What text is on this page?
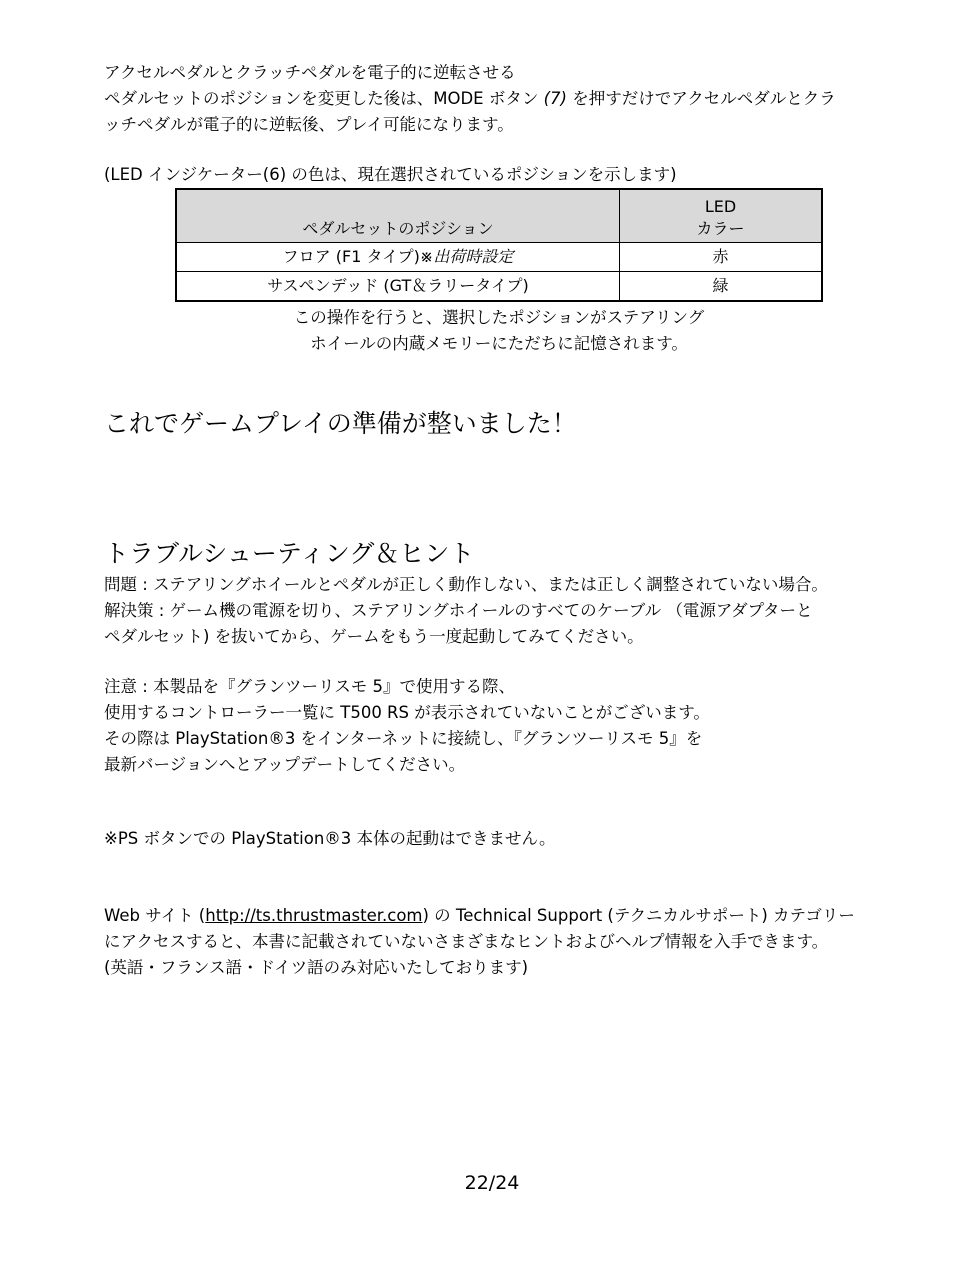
アクセルペダルとクラッチペダルを電子的に逆転させる
ペダルセットのポジションを変更した後は、MODE ボタン (7) を押すだけでアクセルペダルとクラ
ッチペダルが電子的に逆転後、プレイ可能になります。
(LED インジケーター(6) の色は、現在選択されているポジションを示します)
ペダルセットのポジション	LED
カラー
フロア (F1 タイプ)※出荷時設定	赤
サスペンデッド (GT＆ラリータイプ)	緑
この操作を行うと、選択したポジションがステアリング
ホイールの内蔵メモリーにただちに記憶されます。
これでゲームプレイの準備が整いました！
トラブルシューティング＆ヒント
問題 : ステアリングホイールとペダルが正しく動作しない、または正しく調整されていない場合。
解決策 : ゲーム機の電源を切り、ステアリングホイールのすべてのケーブル （電源アダプターと
ペダルセット) を抜いてから、ゲームをもう一度起動してみてください。
注意 : 本製品を『グランツーリスモ 5』で使用する際、
使用するコントローラー一覧に T500 RS が表示されていないことがございます。
その際は PlayStation®3 をインターネットに接続し、『グランツーリスモ 5』を
最新バージョンへとアップデートしてください。
※PS ボタンでの PlayStation®3 本体の起動はできません。
Web サイト (http://ts.thrustmaster.com) の Technical Support (テクニカルサポート) カテゴリー
にアクセスすると、本書に記載されていないさまざまなヒントおよびヘルプ情報を入手できます。
(英語・フランス語・ドイツ語のみ対応いたしております)
22/24
